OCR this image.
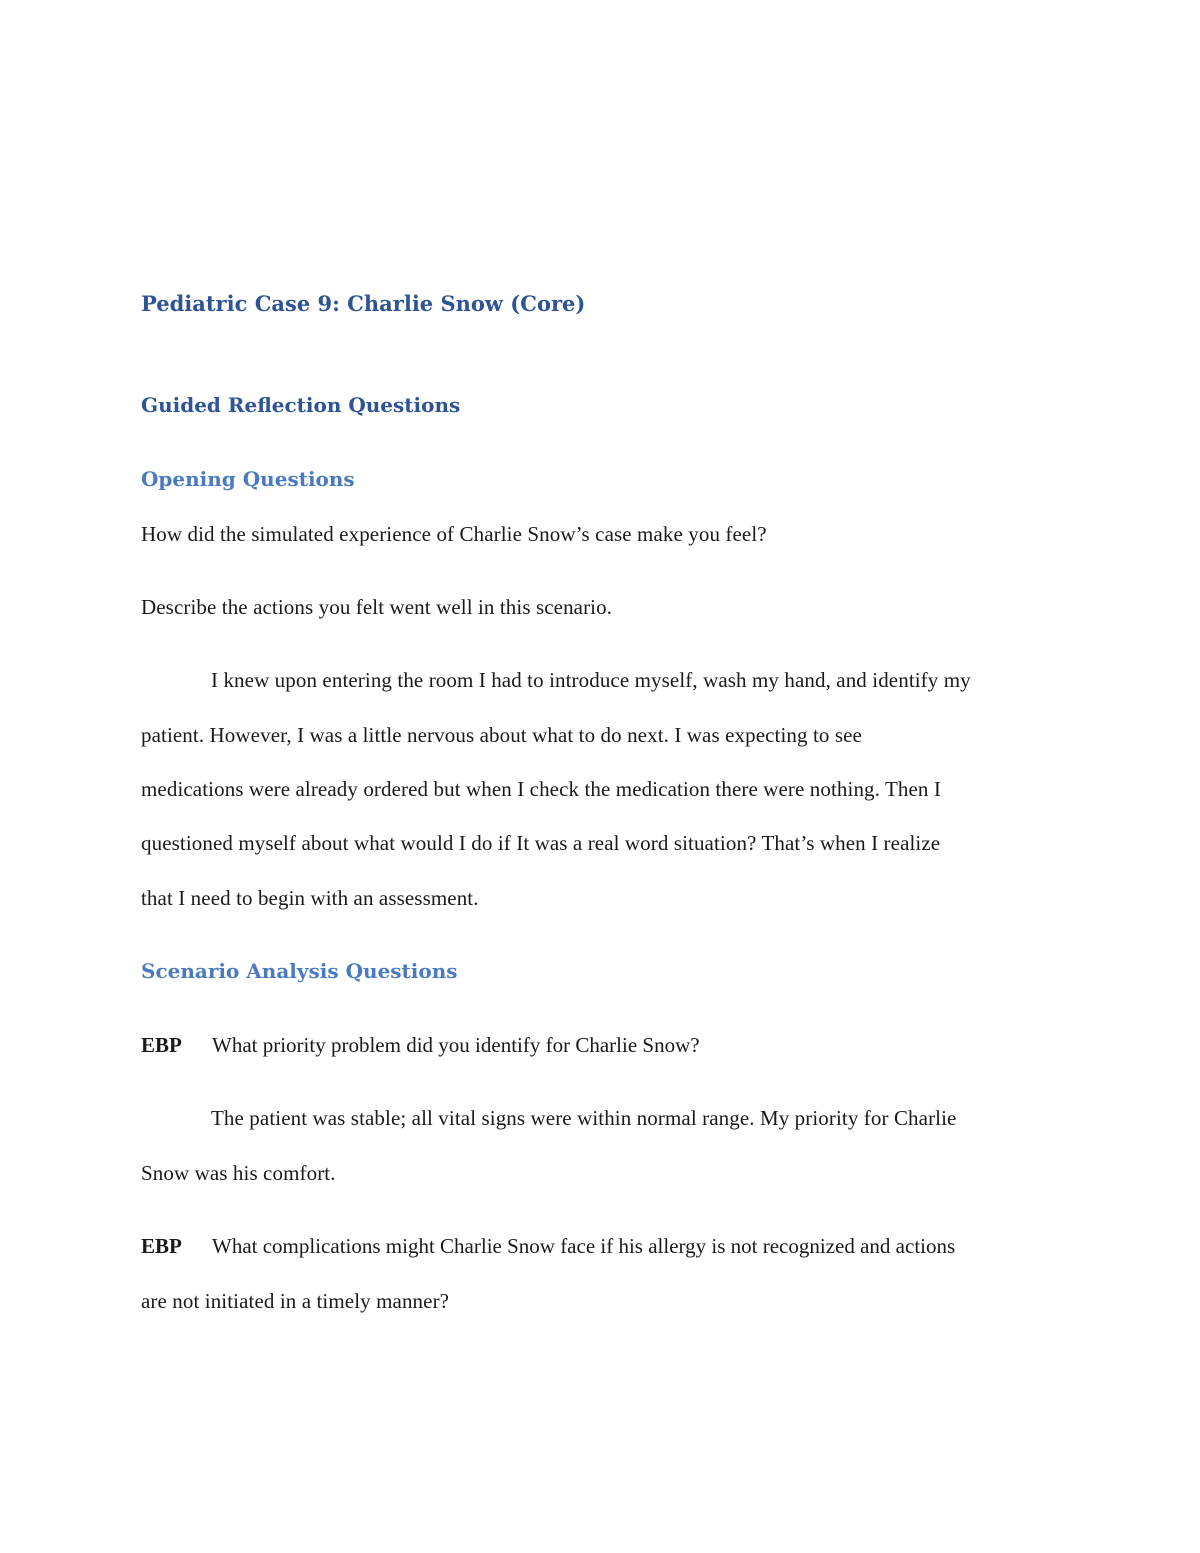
Pediatric Case 9: Charlie Snow (Core)
Guided Reflection Questions
Opening Questions
How did the simulated experience of Charlie Snow’s case make you feel?
Describe the actions you felt went well in this scenario.
I knew upon entering the room I had to introduce myself, wash my hand, and identify my
patient. However, I was a little nervous about what to do next. I was expecting to see
medications were already ordered but when I check the medication there were nothing. Then I
questioned myself about what would I do if It was a real word situation? That’s when I realize
that I need to begin with an assessment.
Scenario Analysis Questions
EBP What priority problem did you identify for Charlie Snow?
The patient was stable; all vital signs were within normal range. My priority for Charlie
Snow was his comfort.
EBP What complications might Charlie Snow face if his allergy is not recognized and actions
are not initiated in a timely manner?
